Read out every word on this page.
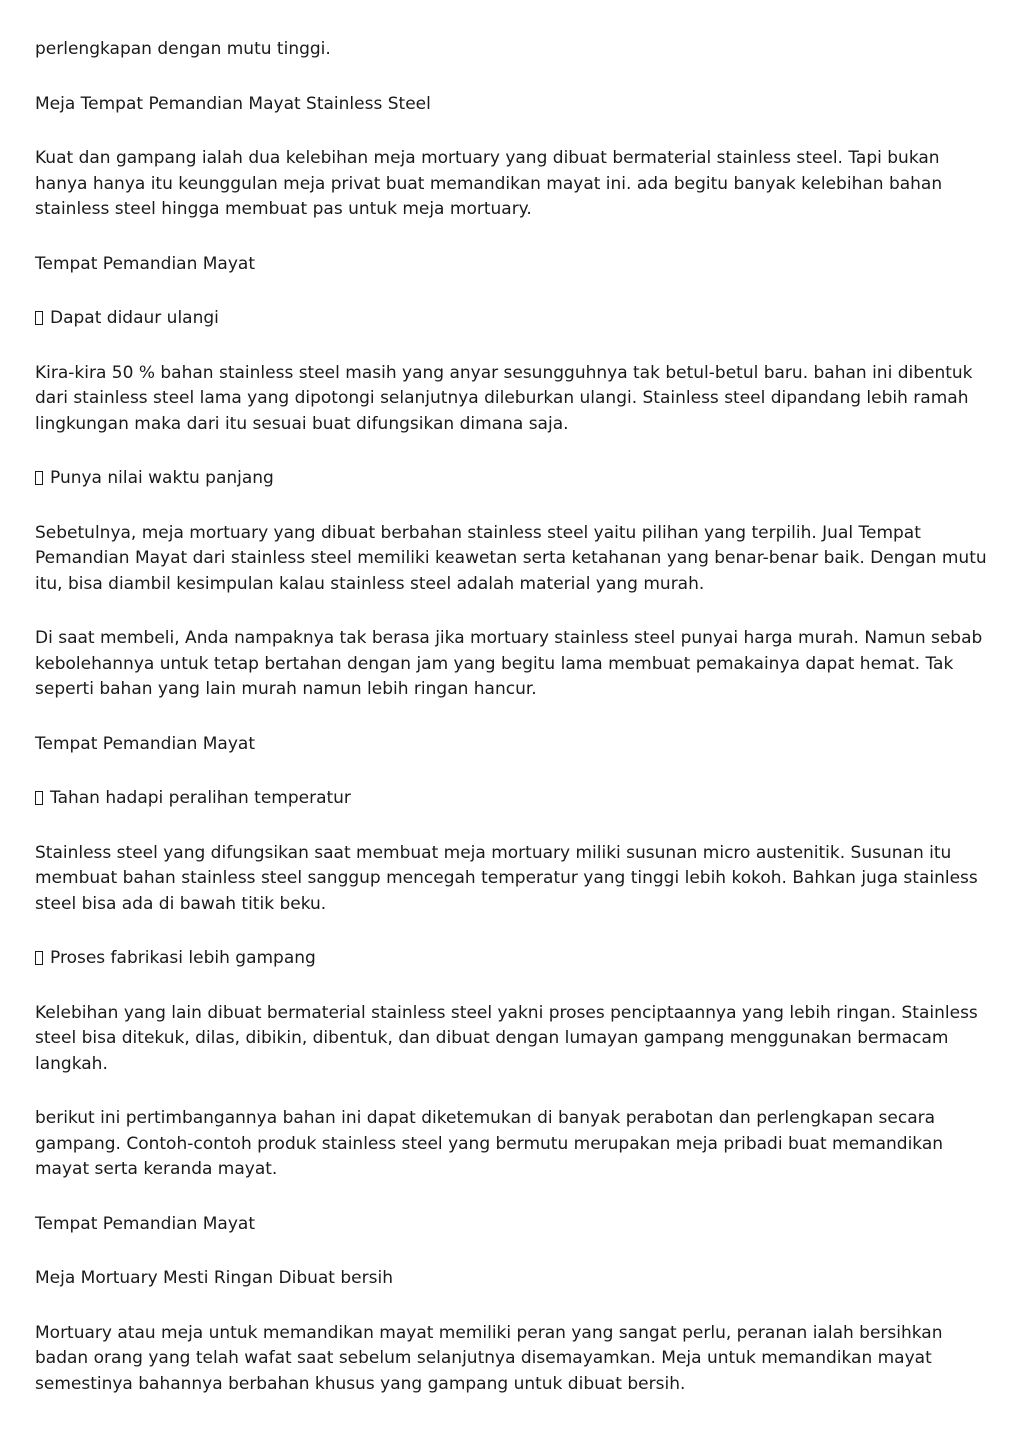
perlengkapan dengan mutu tinggi.

Meja Tempat Pemandian Mayat Stainless Steel

Kuat dan gampang ialah dua kelebihan meja mortuary yang dibuat bermaterial stainless steel. Tapi bukan hanya hanya itu keunggulan meja privat buat memandikan mayat ini. ada begitu banyak kelebihan bahan stainless steel hingga membuat pas untuk meja mortuary.

Tempat Pemandian Mayat

Dapat didaur ulangi

Kira-kira 50 % bahan stainless steel masih yang anyar sesungguhnya tak betul-betul baru. bahan ini dibentuk dari stainless steel lama yang dipotongi selanjutnya dileburkan ulangi. Stainless steel dipandang lebih ramah lingkungan maka dari itu sesuai buat difungsikan dimana saja.

Punya nilai waktu panjang

Sebetulnya, meja mortuary yang dibuat berbahan stainless steel yaitu pilihan yang terpilih. Jual Tempat Pemandian Mayat dari stainless steel memiliki keawetan serta ketahanan yang benar-benar baik. Dengan mutu itu, bisa diambil kesimpulan kalau stainless steel adalah material yang murah.

Di saat membeli, Anda nampaknya tak berasa jika mortuary stainless steel punyai harga murah. Namun sebab kebolehannya untuk tetap bertahan dengan jam yang begitu lama membuat pemakainya dapat hemat. Tak seperti bahan yang lain murah namun lebih ringan hancur.

Tempat Pemandian Mayat

Tahan hadapi peralihan temperatur

Stainless steel yang difungsikan saat membuat meja mortuary miliki susunan micro austenitik. Susunan itu membuat bahan stainless steel sanggup mencegah temperatur yang tinggi lebih kokoh. Bahkan juga stainless steel bisa ada di bawah titik beku.

Proses fabrikasi lebih gampang

Kelebihan yang lain dibuat bermaterial stainless steel yakni proses penciptaannya yang lebih ringan. Stainless steel bisa ditekuk, dilas, dibikin, dibentuk, dan dibuat dengan lumayan gampang menggunakan bermacam langkah.

berikut ini pertimbangannya bahan ini dapat diketemukan di banyak perabotan dan perlengkapan secara gampang. Contoh-contoh produk stainless steel yang bermutu merupakan meja pribadi buat memandikan mayat serta keranda mayat.

Tempat Pemandian Mayat

Meja Mortuary Mesti Ringan Dibuat bersih

Mortuary atau meja untuk memandikan mayat memiliki peran yang sangat perlu, peranan ialah bersihkan badan orang yang telah wafat saat sebelum selanjutnya disemayamkan. Meja untuk memandikan mayat semestinya bahannya berbahan khusus yang gampang untuk dibuat bersih.
